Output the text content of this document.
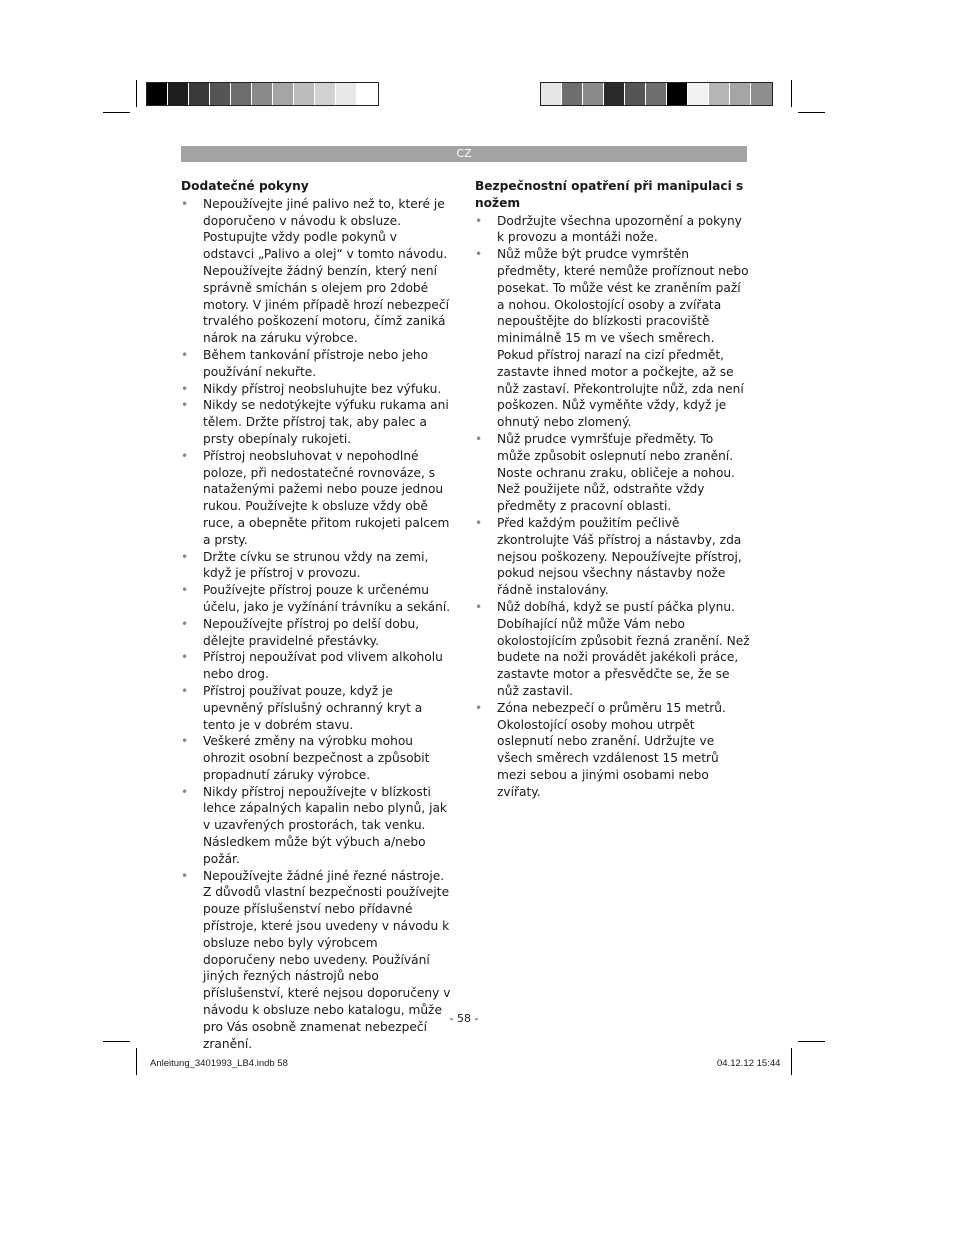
CZ
Dodatečné pokyny
• Nepoužívejte jiné palivo než to, které je doporučeno v návodu k obsluze. Postupujte vždy podle pokynů v odstavci „Palivo a olej“ v tomto návodu. Nepoužívejte žádný benzín, který není správně smíchán s olejem pro 2dobé motory. V jiném případě hrozí nebezpečí trvalého poškození motoru, čímž zaniká nárok na záruku výrobce.
• Během tankování přístroje nebo jeho používání nekuřte.
• Nikdy přístroj neobsluhujte bez výfuku.
• Nikdy se nedotýkejte výfuku rukama ani tělem. Držte přístroj tak, aby palec a prsty obepínaly rukojeti.
• Přístroj neobsluhovat v nepohodlné poloze, při nedostatečné rovnováze, s nataženými pažemi nebo pouze jednou rukou. Používejte k obsluze vždy obě ruce, a obepněte přitom rukojeti palcem a prsty.
• Držte cívku se strunou vždy na zemi, když je přístroj v provozu.
• Používejte přístroj pouze k určenému účelu, jako je vyžínání trávníku a sekání.
• Nepoužívejte přístroj po delší dobu, dělejte pravidelné přestávky.
• Přístroj nepoužívat pod vlivem alkoholu nebo drog.
• Přístroj používat pouze, když je upevněný příslušný ochranný kryt a tento je v dobrém stavu.
• Veškeré změny na výrobku mohou ohrozit osobní bezpečnost a způsobit propadnutí záruky výrobce.
• Nikdy přístroj nepoužívejte v blízkosti lehce zápalných kapalin nebo plynů, jak v uzavřených prostorách, tak venku. Následkem může být výbuch a/nebo požár.
• Nepoužívejte žádné jiné řezné nástroje. Z důvodů vlastní bezpečnosti používejte pouze příslušenství nebo přídavné přístroje, které jsou uvedeny v návodu k obsluze nebo byly výrobcem doporučeny nebo uvedeny. Používání jiných řezných nástrojů nebo příslušenství, které nejsou doporučeny v návodu k obsluze nebo katalogu, může pro Vás osobně znamenat nebezpečí zranění.
Bezpečnostní opatření při manipulaci s nožem
• Dodržujte všechna upozornění a pokyny k provozu a montáži nože.
• Nůž může být prudce vymrštěn předměty, které nemůže proříznout nebo posekat. To může vést ke zraněním paží a nohou. Okolostojící osoby a zvířata nepouštějte do blízkosti pracoviště minimálně 15 m ve všech směrech. Pokud přístroj narazí na cizí předmět, zastavte ihned motor a počkejte, až se nůž zastaví. Překontrolujte nůž, zda není poškozen. Nůž vyměňte vždy, když je ohnutý nebo zlomený.
• Nůž prudce vymršťuje předměty. To může způsobit oslepnutí nebo zranění. Noste ochranu zraku, obličeje a nohou. Než použijete nůž, odstraňte vždy předměty z pracovní oblasti.
• Před každým použitím pečlivě zkontrolujte Váš přístroj a nástavby, zda nejsou poškozeny. Nepoužívejte přístroj, pokud nejsou všechny nástavby nože řádně instalovány.
• Nůž dobíhá, když se pustí páčka plynu. Dobíhající nůž může Vám nebo okolostojícím způsobit řezná zranění. Než budete na noži provádět jakékoli práce, zastavte motor a přesvědčte se, že se nůž zastavil.
• Zóna nebezpečí o průměru 15 metrů. Okolostojící osoby mohou utrpět oslepnutí nebo zranění. Udržujte ve všech směrech vzdálenost 15 metrů mezi sebou a jinými osobami nebo zvířaty.
- 58 -
Anleitung_3401993_LB4.indb 58	04.12.12 15:44
